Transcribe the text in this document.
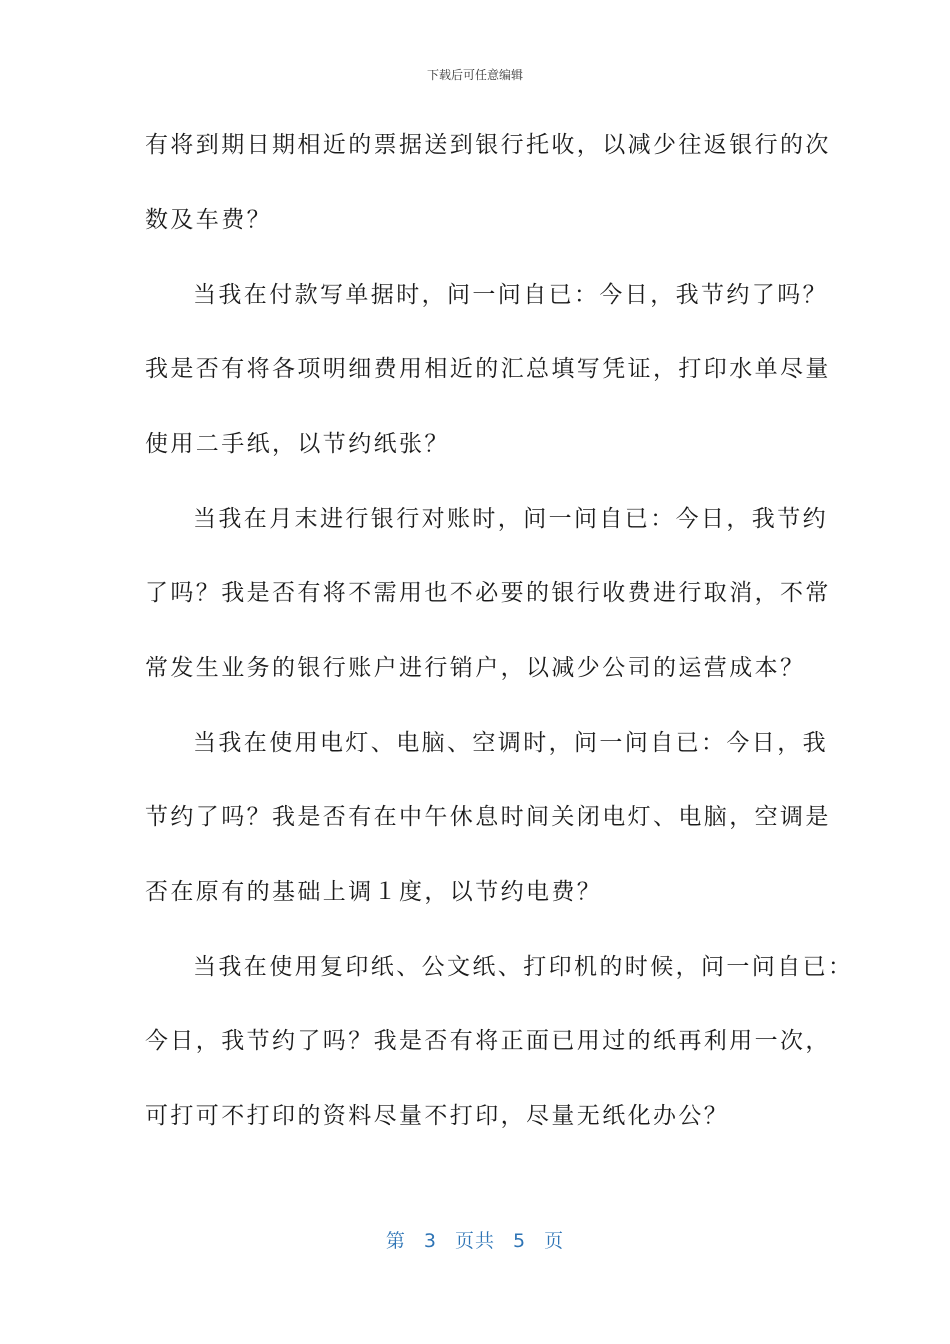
下载后可任意编辑
有将到期日期相近的票据送到银行托收，以减少往返银行的次
数及车费？
当我在付款写单据时，问一问自已：今日，我节约了吗？
我是否有将各项明细费用相近的汇总填写凭证，打印水单尽量
使用二手纸，以节约纸张？
当我在月末进行银行对账时，问一问自已：今日，我节约
了吗？我是否有将不需用也不必要的银行收费进行取消，不常
常发生业务的银行账户进行销户，以减少公司的运营成本？
当我在使用电灯、电脑、空调时，问一问自已：今日，我
节约了吗？我是否有在中午休息时间关闭电灯、电脑，空调是
否在原有的基础上调１度，以节约电费？
当我在使用复印纸、公文纸、打印机的时候，问一问自已：
今日，我节约了吗？我是否有将正面已用过的纸再利用一次，
可打可不打印的资料尽量不打印，尽量无纸化办公？
第 3 页共 5 页
